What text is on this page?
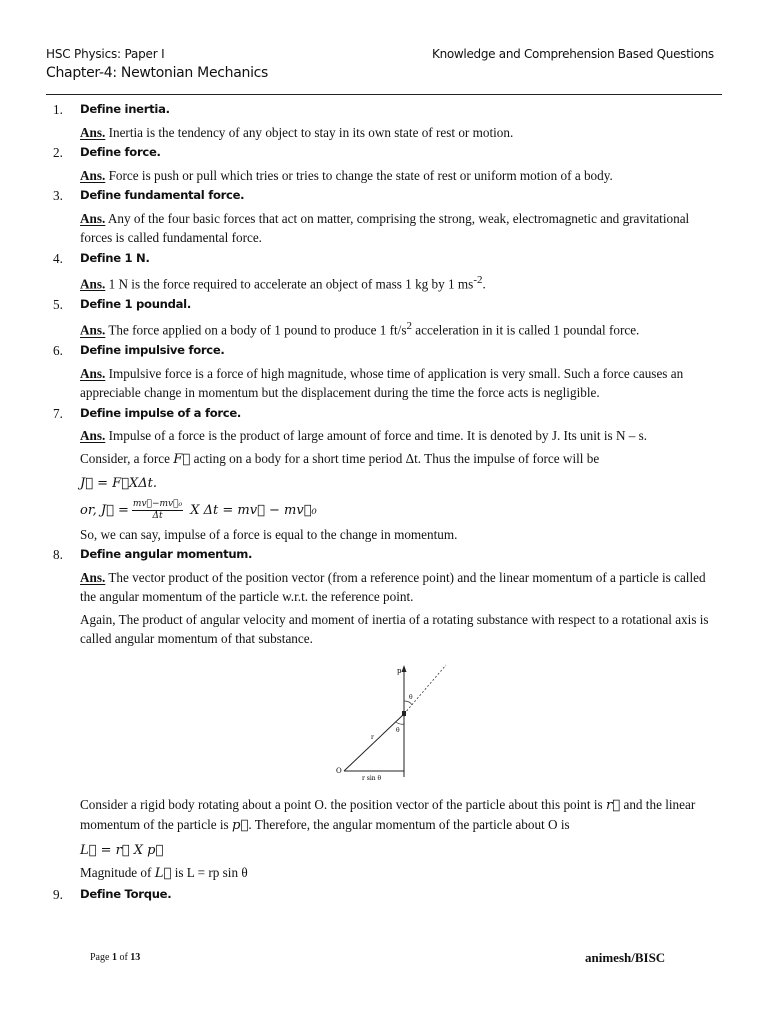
HSC Physics: Paper I	Knowledge and Comprehension Based Questions
Chapter-4: Newtonian Mechanics
1. Define inertia.
Ans. Inertia is the tendency of any object to stay in its own state of rest or motion.
2. Define force.
Ans. Force is push or pull which tries or tries to change the state of rest or uniform motion of a body.
3. Define fundamental force.
Ans. Any of the four basic forces that act on matter, comprising the strong, weak, electromagnetic and gravitational forces is called fundamental force.
4. Define 1 N.
Ans. 1 N is the force required to accelerate an object of mass 1 kg by 1 $ms^{-2}$.
5. Define 1 poundal.
Ans. The force applied on a body of 1 pound to produce 1 $ft/s^2$ acceleration in it is called 1 poundal force.
6. Define impulsive force.
Ans. Impulsive force is a force of high magnitude, whose time of application is very small. Such a force causes an appreciable change in momentum but the displacement during the time the force acts is negligible.
7. Define impulse of a force.
Ans. Impulse of a force is the product of large amount of force and time. It is denoted by J. Its unit is N – s.
Consider, a force F⃗ acting on a body for a short time period Δt. Thus the impulse of force will be
J⃗ = F⃗XΔt.
or, J⃗ = $\frac{\text{mv⃗−mv⃗₀}}{\Delta t}$ X Δt = mv⃗ − mv⃗₀
So, we can say, impulse of a force is equal to the change in momentum.
8. Define angular momentum.
Ans. The vector product of the position vector (from a reference point) and the linear momentum of a particle is called the angular momentum of the particle w.r.t. the reference point.
Again, The product of angular velocity and moment of inertia of a rotating substance with respect to a rotational axis is called angular momentum of that substance.
p
θ
θ
r
O
r sin θ
Consider a rigid body rotating about a point O. the position vector of the particle about this point is r⃗ and the linear momentum of the particle is p⃗. Therefore, the angular momentum of the particle about O is
L⃗ = r⃗ X p⃗
Magnitude of L⃗ is L = rp sin θ
9. Define Torque.
Page 1 of 13	animesh/BISC
